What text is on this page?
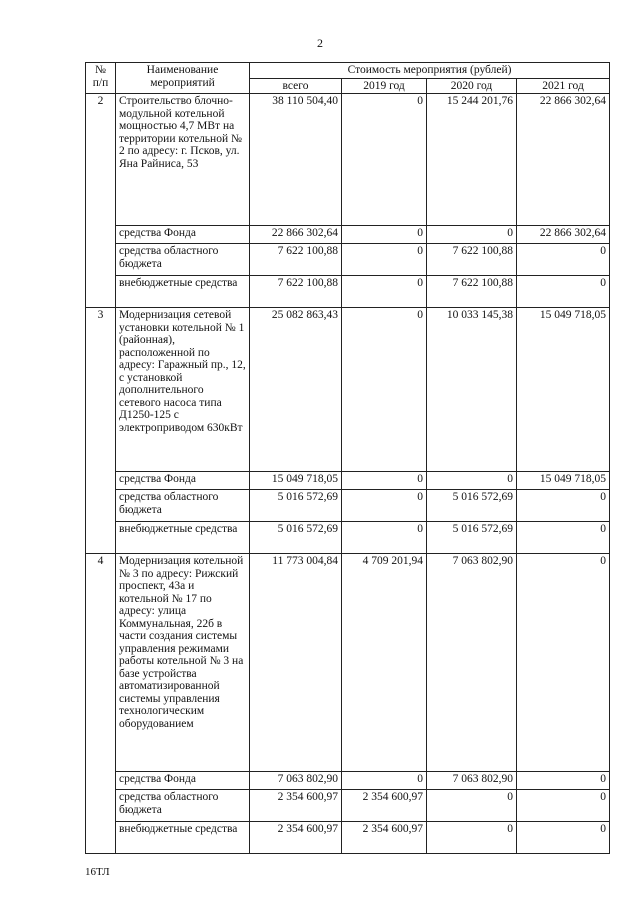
2
№
п/п	Наименование мероприятий	Стоимость мероприятия (рублей)			
		всего	2019 год	2020 год	2021 год
2	Строительство блочно-модульной котельной мощностью 4,7 МВт на территории котельной № 2 по адресу: г. Псков, ул. Яна Райниса, 53	38 110 504,40	0	15 244 201,76	22 866 302,64
	средства Фонда	22 866 302,64	0	0	22 866 302,64
	средства областного бюджета	7 622 100,88	0	7 622 100,88	0
	внебюджетные средства	7 622 100,88	0	7 622 100,88	0
3	Модернизация сетевой установки котельной № 1 (районная), расположенной по адресу: Гаражный пр., 12, с установкой дополнительного сетевого насоса типа Д1250-125 с электроприводом 630кВт	25 082 863,43	0	10 033 145,38	15 049 718,05
	средства Фонда	15 049 718,05	0	0	15 049 718,05
	средства областного бюджета	5 016 572,69	0	5 016 572,69	0
	внебюджетные средства	5 016 572,69	0	5 016 572,69	0
4	Модернизация котельной № 3 по адресу: Рижский проспект, 43а и котельной № 17 по адресу: улица Коммунальная, 22б в части создания системы управления режимами работы котельной № 3 на базе устройства автоматизированной системы управления технологическим оборудованием	11 773 004,84	4 709 201,94	7 063 802,90	0
	средства Фонда	7 063 802,90	0	7 063 802,90	0
	средства областного бюджета	2 354 600,97	2 354 600,97	0	0
	внебюджетные средства	2 354 600,97	2 354 600,97	0	0
16ТЛ
